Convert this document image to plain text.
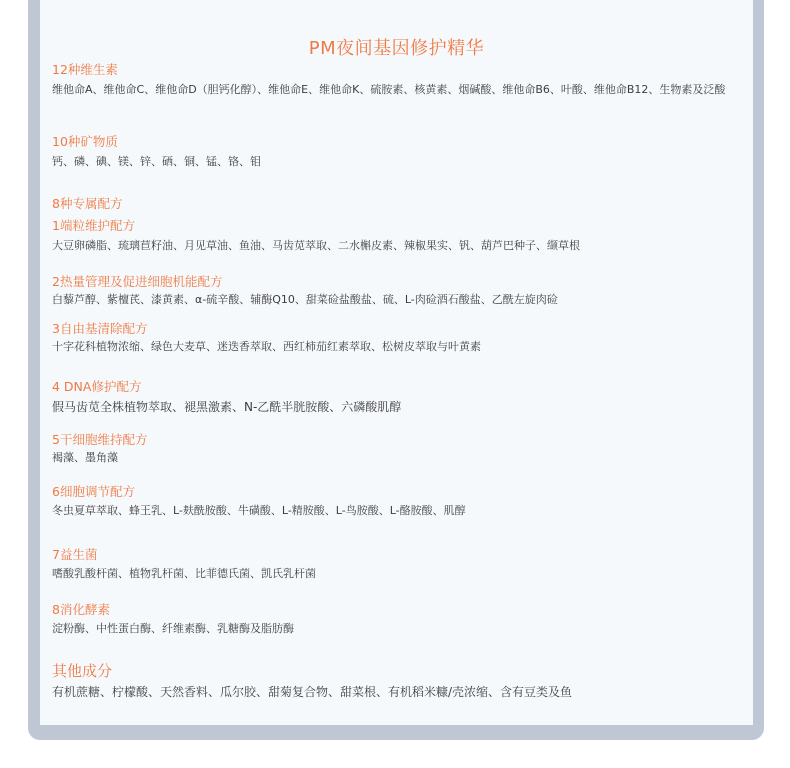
PM夜间基因修护精华
12种维生素
维他命A、维他命C、维他命D（胆钙化醇）、维他命E、维他命K、硫胺素、核黄素、烟碱酸、维他命B6、叶酸、维他命B12、生物素及泛酸
10种矿物质
钙、磷、碘、镁、锌、硒、铜、锰、铬、钼
8种专属配方
1端粒维护配方
大豆卵磷脂、琉璃苣籽油、月见草油、鱼油、马齿苋萃取、二水槲皮素、辣椒果实、钒、葫芦巴种子、缬草根
2热量管理及促进细胞机能配方
白藜芦醇、紫檀芪、漆黄素、α-硫辛酸、辅酶Q10、甜菜硷盐酸盐、硫、L-肉硷酒石酸盐、乙酰左旋肉硷
3自由基清除配方
十字花科植物浓缩、绿色大麦草、迷迭香萃取、西红柿茄红素萃取、松树皮萃取与叶黄素
4 DNA修护配方
假马齿苋全株植物萃取、褪黑激素、N-乙酰半胱胺酸、六磷酸肌醇
5干细胞维持配方
褐藻、墨角藻
6细胞调节配方
冬虫夏草萃取、蜂王乳、L-麸酰胺酸、牛磺酸、L-精胺酸、L-鸟胺酸、L-酪胺酸、肌醇
7益生菌
嗜酸乳酸杆菌、植物乳杆菌、比菲德氏菌、凯氏乳杆菌
8消化酵素
淀粉酶、中性蛋白酶、纤维素酶、乳糖酶及脂肪酶
其他成分
有机蔗糖、柠檬酸、天然香料、瓜尔胶、甜菊复合物、甜菜根、有机稻米糠/壳浓缩、含有豆类及鱼
